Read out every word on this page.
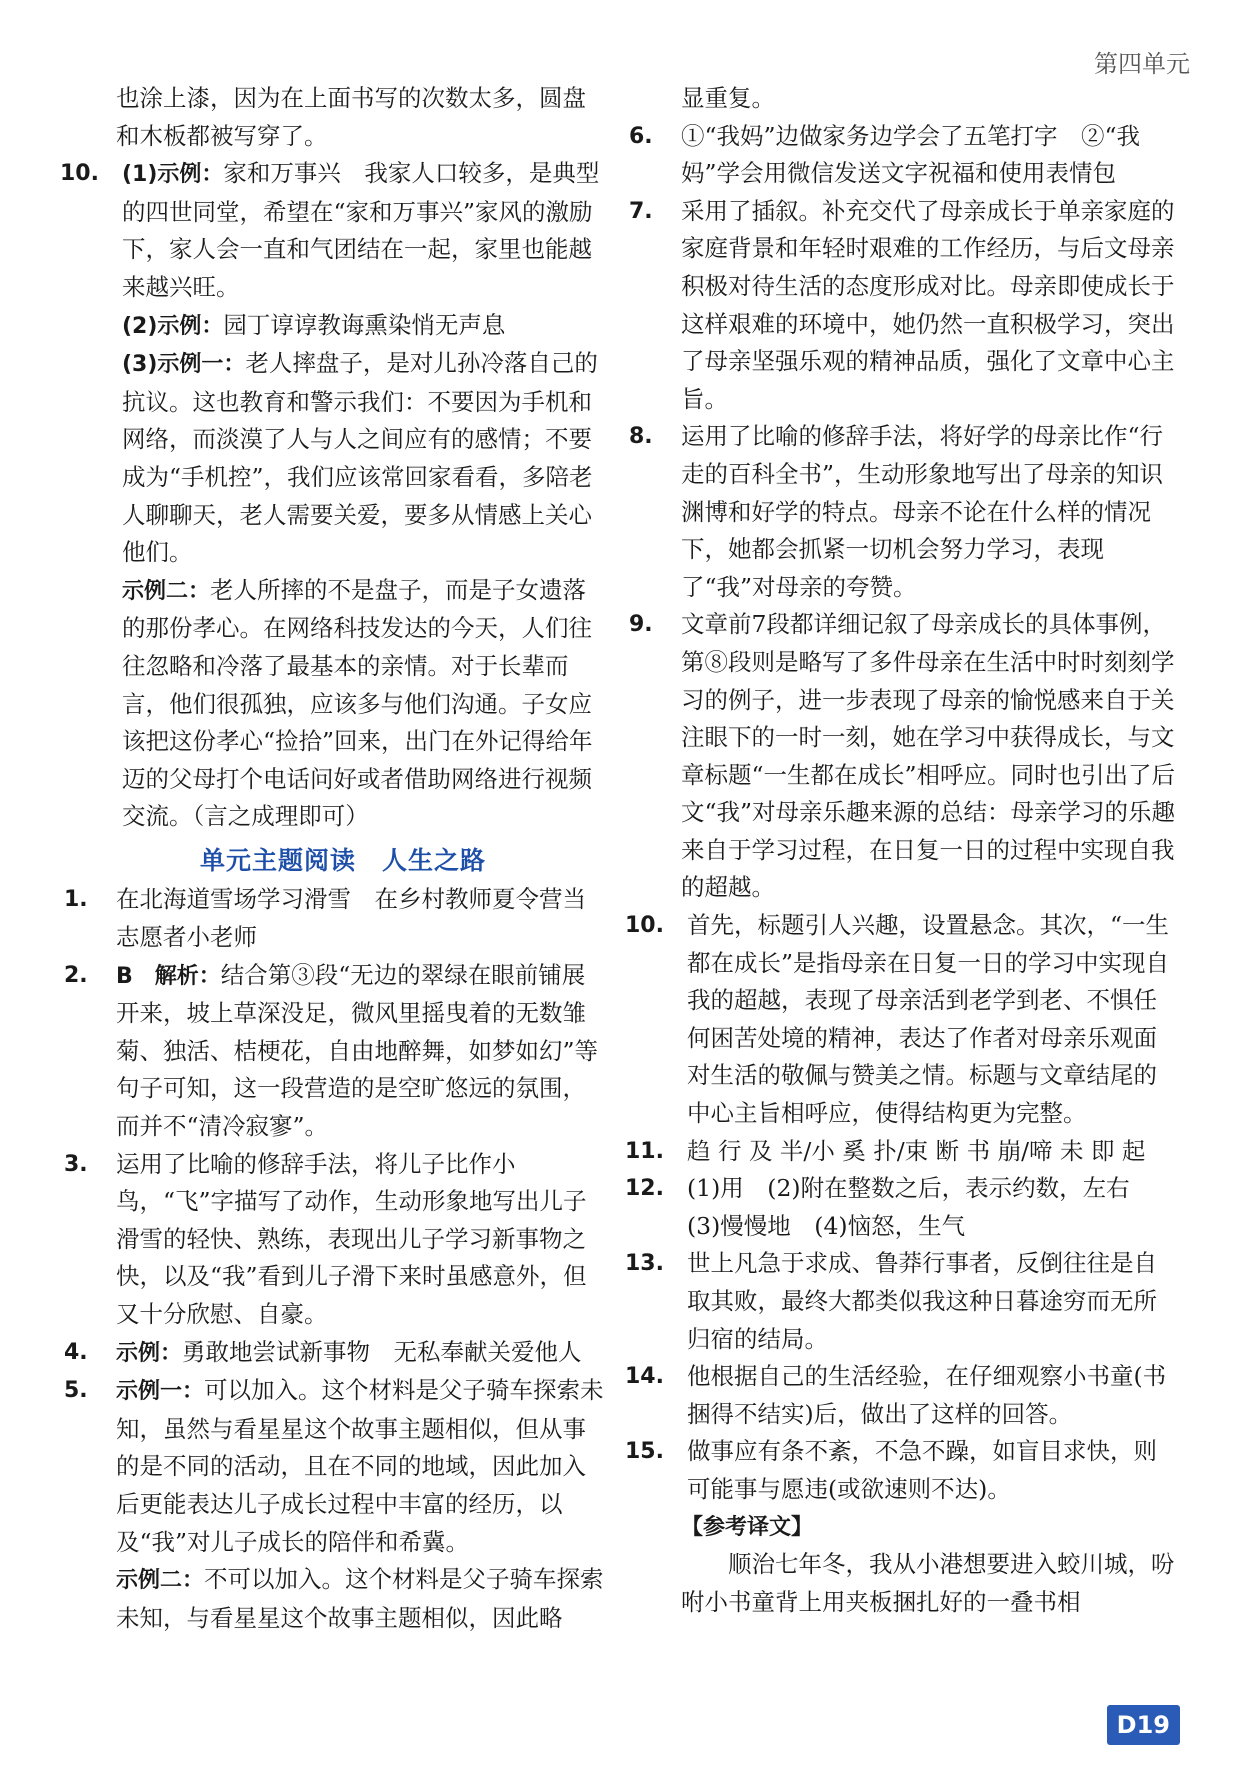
第四单元
也涂上漆，因为在上面书写的次数太多，圆盘和木板都被写穿了。
10. (1)示例：家和万事兴　我家人口较多，是典型的四世同堂，希望在“家和万事兴”家风的激励下，家人会一直和气团结在一起，家里也能越来越兴旺。
(2)示例：园丁谆谆教诲熏染悄无声息
(3)示例一：老人摔盘子，是对儿孙冷落自己的抗议。这也教育和警示我们：不要因为手机和网络，而淡漠了人与人之间应有的感情；不要成为“手机控”，我们应该常回家看看，多陪老人聊聊天，老人需要关爱，要多从情感上关心他们。
示例二：老人所摔的不是盘子，而是子女遗落的那份孝心。在网络科技发达的今天，人们往往忽略和冷落了最基本的亲情。对于长辈而言，他们很孤独，应该多与他们沟通。子女应该把这份孝心“捡拾”回来，出门在外记得给年迈的父母打个电话问好或者借助网络进行视频交流。（言之成理即可）
单元主题阅读　人生之路
1. 在北海道雪场学习滑雪　在乡村教师夏令营当志愿者小老师
2. B　解析：结合第③段“无边的翠绿在眼前铺展开来，坡上草深没足，微风里摇曳着的无数雏菊、独活、桔梗花，自由地醉舞，如梦如幻”等句子可知，这一段营造的是空旷悠远的氛围，而并不“清冷寂寥”。
3. 运用了比喻的修辞手法，将儿子比作小鸟，“飞”字描写了动作，生动形象地写出儿子滑雪的轻快、熟练，表现出儿子学习新事物之快，以及“我”看到儿子滑下来时虽感意外，但又十分欣慰、自豪。
4. 示例：勇敢地尝试新事物　无私奉献关爱他人
5. 示例一：可以加入。这个材料是父子骑车探索未知，虽然与看星星这个故事主题相似，但从事的是不同的活动，且在不同的地域，因此加入后更能表达儿子成长过程中丰富的经历，以及“我”对儿子成长的陪伴和希冀。
示例二：不可以加入。这个材料是父子骑车探索未知，与看星星这个故事主题相似，因此略
显重复。
6. ①“我妈”边做家务边学会了五笔打字　②“我妈”学会用微信发送文字祝福和使用表情包
7. 采用了插叙。补充交代了母亲成长于单亲家庭的家庭背景和年轻时艰难的工作经历，与后文母亲积极对待生活的态度形成对比。母亲即使成长于这样艰难的环境中，她仍然一直积极学习，突出了母亲坚强乐观的精神品质，强化了文章中心主旨。
8. 运用了比喻的修辞手法，将好学的母亲比作“行走的百科全书”，生动形象地写出了母亲的知识渊博和好学的特点。母亲不论在什么样的情况下，她都会抓紧一切机会努力学习，表现了“我”对母亲的夸赞。
9. 文章前7段都详细记叙了母亲成长的具体事例，第⑧段则是略写了多件母亲在生活中时时刻刻学习的例子，进一步表现了母亲的愉悦感来自于关注眼下的一时一刻，她在学习中获得成长，与文章标题“一生都在成长”相呼应。同时也引出了后文“我”对母亲乐趣来源的总结：母亲学习的乐趣来自于学习过程，在日复一日的过程中实现自我的超越。
10. 首先，标题引人兴趣，设置悬念。其次，“一生都在成长”是指母亲在日复一日的学习中实现自我的超越，表现了母亲活到老学到老、不惧任何困苦处境的精神，表达了作者对母亲乐观面对生活的敬佩与赞美之情。标题与文章结尾的中心主旨相呼应，使得结构更为完整。
11. 趋 行 及 半/小 奚 扑/束 断 书 崩/啼 未 即 起
12. (1)用　(2)附在整数之后，表示约数，左右
(3)慢慢地　(4)恼怒，生气
13. 世上凡急于求成、鲁莽行事者，反倒往往是自取其败，最终大都类似我这种日暮途穷而无所归宿的结局。
14. 他根据自己的生活经验，在仔细观察小书童(书捆得不结实)后，做出了这样的回答。
15. 做事应有条不紊，不急不躁，如盲目求快，则可能事与愿违(或欲速则不达)。
【参考译文】
顺治七年冬，我从小港想要进入蛟川城，吩咐小书童背上用夹板捆扎好的一叠书相
D19
